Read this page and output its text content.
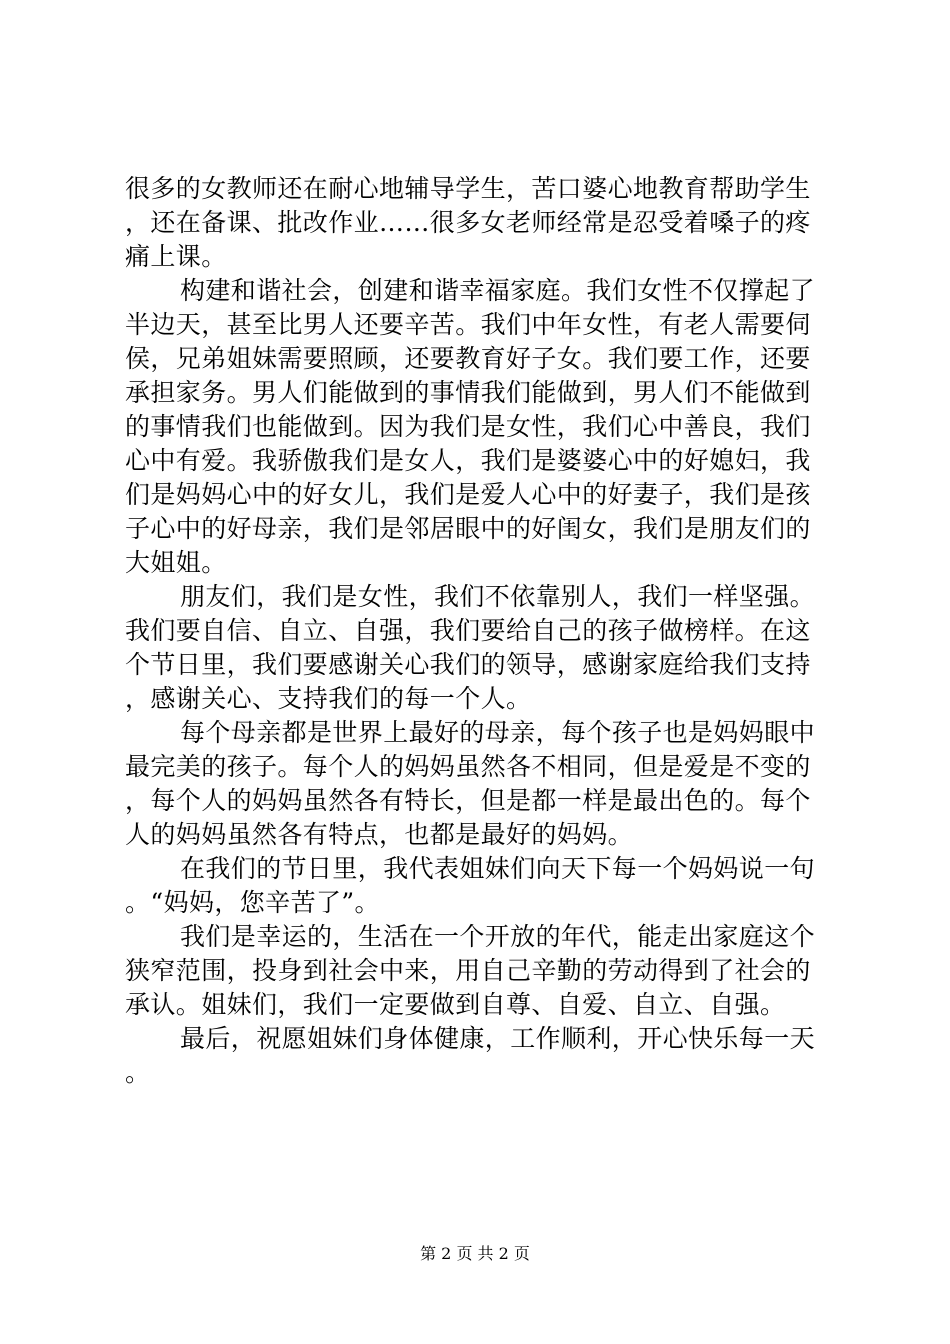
很多的女教师还在耐心地辅导学生，苦口婆心地教育帮助学生，还在备课、批改作业……很多女老师经常是忍受着嗓子的疼痛上课。

构建和谐社会，创建和谐幸福家庭。我们女性不仅撑起了半边天，甚至比男人还要辛苦。我们中年女性，有老人需要伺侯，兄弟姐妹需要照顾，还要教育好子女。我们要工作，还要承担家务。男人们能做到的事情我们能做到，男人们不能做到的事情我们也能做到。因为我们是女性，我们心中善良，我们心中有爱。我骄傲我们是女人，我们是婆婆心中的好媳妇，我们是妈妈心中的好女儿，我们是爱人心中的好妻子，我们是孩子心中的好母亲，我们是邻居眼中的好闺女，我们是朋友们的大姐姐。

朋友们，我们是女性，我们不依靠别人，我们一样坚强。我们要自信、自立、自强，我们要给自己的孩子做榜样。在这个节日里，我们要感谢关心我们的领导，感谢家庭给我们支持，感谢关心、支持我们的每一个人。

每个母亲都是世界上最好的母亲，每个孩子也是妈妈眼中最完美的孩子。每个人的妈妈虽然各不相同，但是爱是不变的，每个人的妈妈虽然各有特长，但是都一样是最出色的。每个人的妈妈虽然各有特点，也都是最好的妈妈。

在我们的节日里，我代表姐妹们向天下每一个妈妈说一句。“妈妈，您辛苦了”。

我们是幸运的，生活在一个开放的年代，能走出家庭这个狭窄范围，投身到社会中来，用自己辛勤的劳动得到了社会的承认。姐妹们，我们一定要做到自尊、自爱、自立、自强。

最后，祝愿姐妹们身体健康，工作顺利，开心快乐每一天。

第 2 页 共 2 页
